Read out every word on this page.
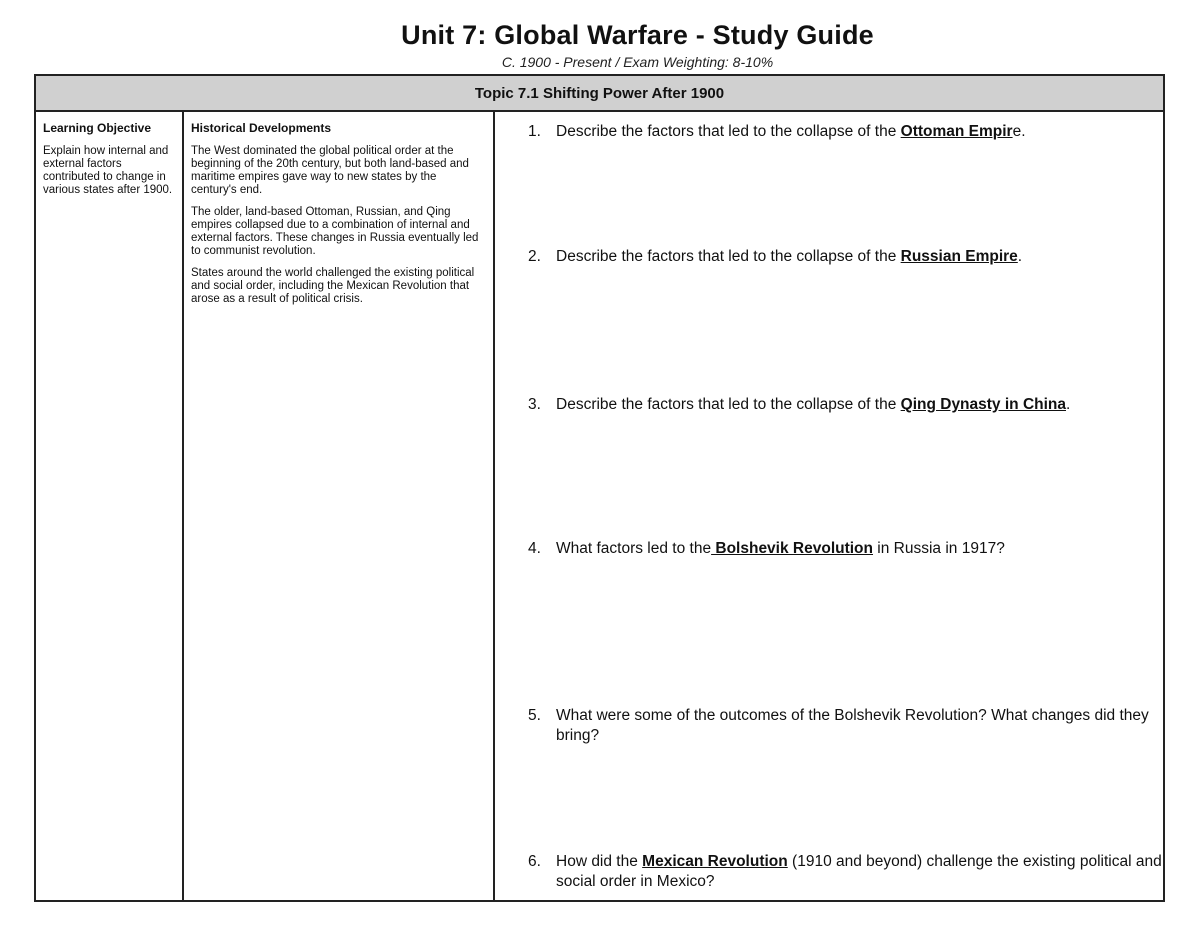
Unit 7: Global Warfare - Study Guide
C. 1900 - Present / Exam Weighting: 8-10%
Topic 7.1 Shifting Power After 1900
Learning Objective
Explain how internal and external factors contributed to change in various states after 1900.
Historical Developments

The West dominated the global political order at the beginning of the 20th century, but both land-based and maritime empires gave way to new states by the century's end.

The older, land-based Ottoman, Russian, and Qing empires collapsed due to a combination of internal and external factors. These changes in Russia eventually led to communist revolution.

States around the world challenged the existing political and social order, including the Mexican Revolution that arose as a result of political crisis.

1. Describe the factors that led to the collapse of the Ottoman Empire.
2. Describe the factors that led to the collapse of the Russian Empire.
3. Describe the factors that led to the collapse of the Qing Dynasty in China.
4. What factors led to the Bolshevik Revolution in Russia in 1917?
5. What were some of the outcomes of the Bolshevik Revolution? What changes did they bring?
6. How did the Mexican Revolution (1910 and beyond) challenge the existing political and social order in Mexico?
